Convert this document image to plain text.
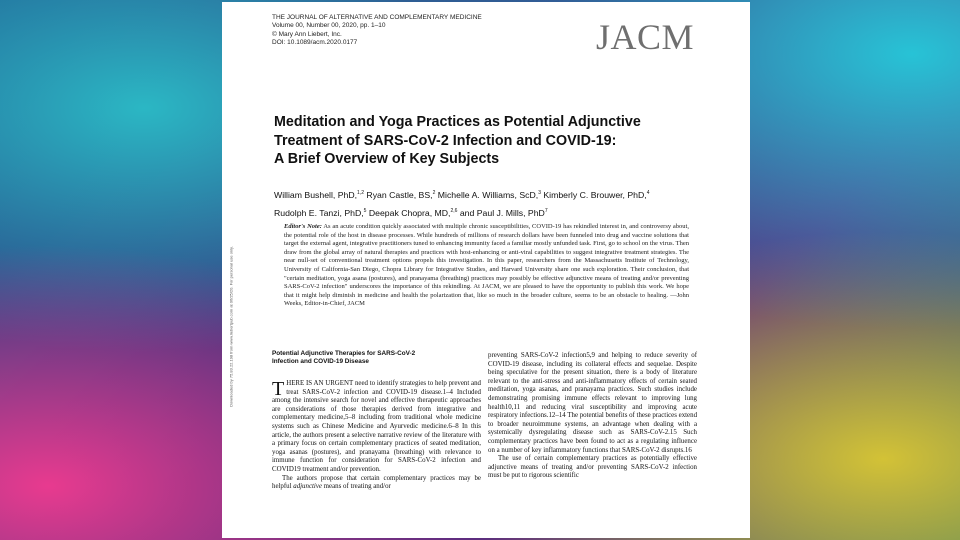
Downloaded by 75.83.22.198 from www.liebertpub.com at 06/25/20. For personal use only.
THE JOURNAL OF ALTERNATIVE AND COMPLEMENTARY MEDICINE
Volume 00, Number 00, 2020, pp. 1–10
© Mary Ann Liebert, Inc.
DOI: 10.1089/acm.2020.0177	JACM
Meditation and Yoga Practices as Potential Adjunctive
Treatment of SARS-CoV-2 Infection and COVID-19:
A Brief Overview of Key Subjects
William Bushell, PhD,$^{1,2}$ Ryan Castle, BS,$^2$ Michelle A. Williams, ScD,$^3$ Kimberly C. Brouwer, PhD,$^4$
Rudolph E. Tanzi, PhD,$^5$ Deepak Chopra, MD,$^{2,6}$ and Paul J. Mills, PhD$^7$
Editor's Note: As an acute condition quickly associated with multiple chronic susceptibilities, COVID-19 has rekindled interest in, and controversy about, the potential role of the host in disease processes. While hundreds of millions of research dollars have been funneled into drug and vaccine solutions that target the external agent, integrative practitioners tuned to enhancing immunity faced a familiar mostly unfunded task. First, go to school on the virus. Then draw from the global array of natural therapies and practices with host-enhancing or anti-viral capabilities to suggest integrative treatment strategies. The near null-set of conventional treatment options propels this investigation. In this paper, researchers from the Massachusetts Institute of Technology, University of California-San Diego, Chopra Library for Integrative Studies, and Harvard University share one such exploration. Their conclusion, that "certain meditation, yoga asana (postures), and pranayama (breathing) practices may possibly be effective adjunctive means of treating and/or preventing SARS-CoV-2 infection" underscores the importance of this rekindling. At JACM, we are pleased to have the opportunity to publish this work. We hope that it might help diminish in medicine and health the polarization that, like so much in the broader culture, seems to be an obstacle to healing. —John Weeks, Editor-in-Chief, JACM

Potential Adjunctive Therapies for SARS-CoV-2
Infection and COVID-19 Disease

THERE IS AN URGENT need to identify strategies to help prevent and treat SARS-CoV-2 infection and COVID-19 disease.1–4 Included among the intensive search for novel and effective therapeutic approaches are considerations of those therapies derived from integrative and complementary medicine,5–8 including from traditional whole medicine systems such as Chinese Medicine and Ayurvedic medicine.6–8 In this article, the authors present a selective narrative review of the literature with a primary focus on certain complementary practices of seated meditation, yoga asanas (postures), and pranayama (breathing) with relevance to immune function for consideration for SARS-CoV-2 infection and COVID19 treatment and/or prevention.

The authors propose that certain complementary practices may be helpful adjunctive means of treating and/or

preventing SARS-CoV-2 infection5,9 and helping to reduce severity of COVID-19 disease, including its collateral effects and sequelae. Despite being speculative for the present situation, there is a body of literature relevant to the anti-stress and anti-inflammatory effects of certain seated meditation, yoga asanas, and pranayama practices. Such studies include demonstrating promising immune effects relevant to improving lung health10,11 and reducing viral susceptibility and improving acute respiratory infections.12–14 The potential benefits of these practices extend to broader neuroimmune systems, an advantage when dealing with a systemically dysregulating disease such as SARS-CoV-2.15 Such complementary practices have been found to act as a regulating influence on a number of key inflammatory functions that SARS-CoV-2 disrupts.16

The use of certain complementary practices as potentially effective adjunctive means of treating and/or preventing SARS-CoV-2 infection must be put to rigorous scientific
